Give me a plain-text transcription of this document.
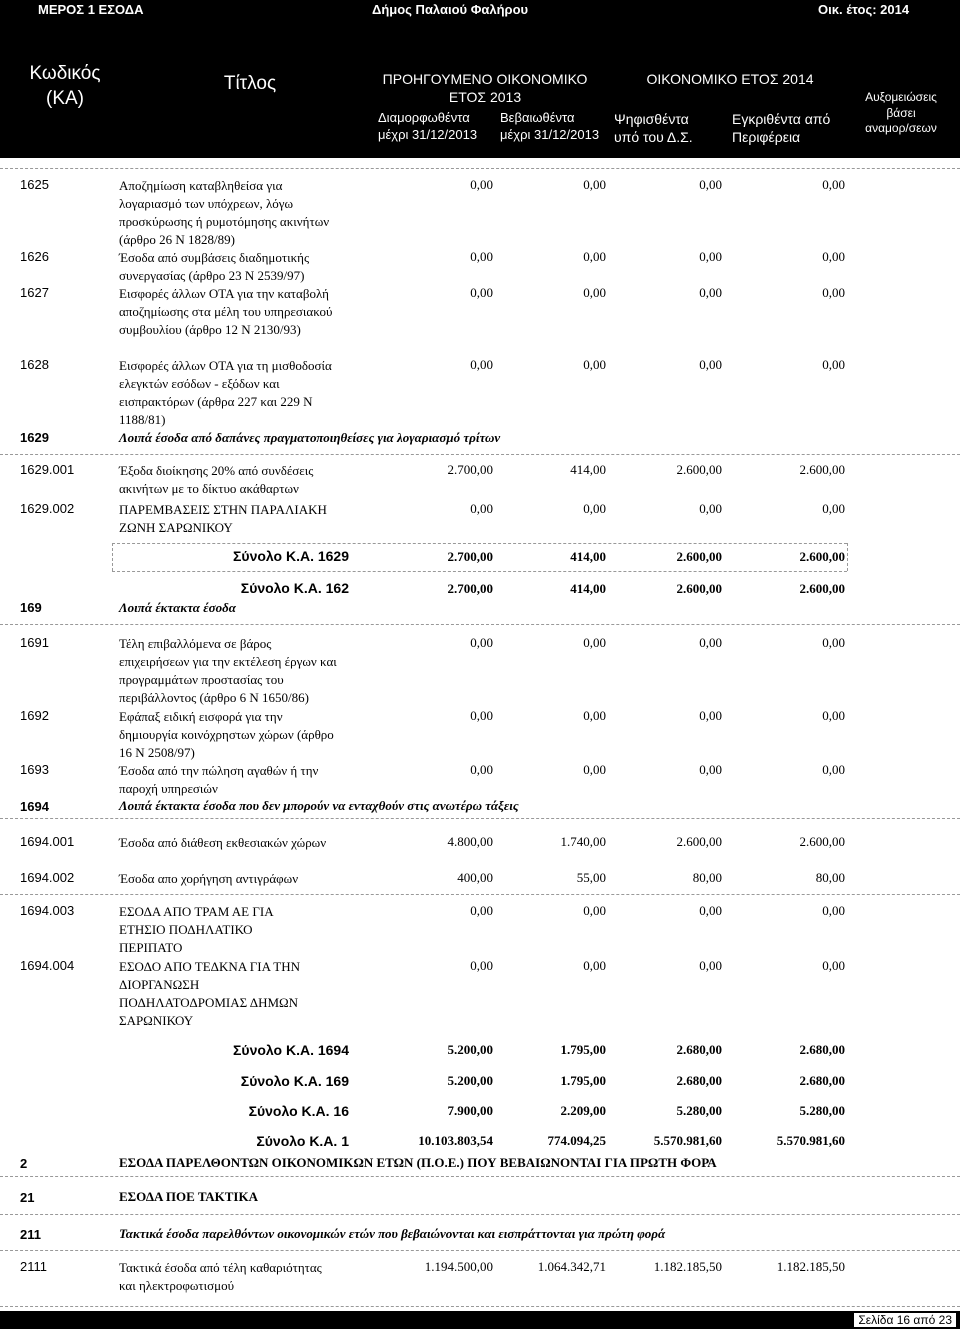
ΜΕΡΟΣ 1 ΕΣΟΔΑ	Δήμος Παλαιού Φαλήρου	Οικ. έτος: 2014
Κωδικός
(ΚΑ)
Τίτλος	ΠΡΟΗΓΟΥΜΕΝΟ ΟΙΚΟΝΟΜΙΚΟ
ΕΤΟΣ 2013
Διαμορφωθέντα
μέχρι 31/12/2013
Βεβαιωθέντα
μέχρι 31/12/2013
ΟΙΚΟΝΟΜΙΚΟ ΕΤΟΣ 2014
Ψηφισθέντα
υπό του Δ.Σ.
Εγκριθέντα από
Περιφέρεια
Αυξομειώσεις
βάσει
αναμορ/σεων
1625	Αποζημίωση καταβληθείσα για λογαριασμό των υπόχρεων, λόγω προσκύρωσης ή ρυμοτόμησης ακινήτων (άρθρο 26 Ν 1828/89)
0,00	0,00	0,00	0,00
1626	Έσοδα από συμβάσεις διαδημοτικής συνεργασίας (άρθρο 23 Ν 2539/97)
0,00	0,00	0,00	0,00
1627	Εισφορές άλλων ΟΤΑ για την καταβολή αποζημίωσης στα μέλη του υπηρεσιακού συμβουλίου (άρθρο 12 Ν 2130/93)
0,00	0,00	0,00	0,00
1628	Εισφορές άλλων ΟΤΑ για τη μισθοδοσία ελεγκτών εσόδων - εξόδων και εισπρακτόρων (άρθρα 227 και 229 Ν 1188/81)
0,00	0,00	0,00	0,00
1629	Λοιπά έσοδα από δαπάνες πραγματοποιηθείσες για λογαριασμό τρίτων
1629.001	Έξοδα διοίκησης 20% από συνδέσεις ακινήτων με το δίκτυο ακάθαρτων
2.700,00	414,00	2.600,00	2.600,00
1629.002	ΠΑΡΕΜΒΑΣΕΙΣ ΣΤΗΝ ΠΑΡΑΛΙΑΚΗ ΖΩΝΗ ΣΑΡΩΝΙΚΟΥ
0,00	0,00	0,00	0,00
Σύνολο Κ.Α. 1629	2.700,00	414,00	2.600,00	2.600,00
Σύνολο Κ.Α. 162	2.700,00	414,00	2.600,00	2.600,00
169	Λοιπά έκτακτα έσοδα
1691	Τέλη επιβαλλόμενα σε βάρος επιχειρήσεων για την εκτέλεση έργων και προγραμμάτων προστασίας του περιβάλλοντος (άρθρο 6 Ν 1650/86)
0,00	0,00	0,00	0,00
1692	Εφάπαξ ειδική εισφορά για την δημιουργία κοινόχρηστων χώρων (άρθρο 16 Ν 2508/97)
0,00	0,00	0,00	0,00
1693	Έσοδα από την πώληση αγαθών ή την παροχή υπηρεσιών
0,00	0,00	0,00	0,00
1694	Λοιπά έκτακτα έσοδα που δεν μπορούν να ενταχθούν στις ανωτέρω τάξεις
1694.001	Έσοδα από διάθεση εκθεσιακών χώρων	4.800,00	1.740,00	2.600,00	2.600,00
1694.002	Έσοδα απο χορήγηση αντιγράφων	400,00	55,00	80,00	80,00
1694.003	ΕΣΟΔΑ ΑΠΟ ΤΡΑΜ ΑΕ ΓΙΑ ΕΤΗΣΙΟ ΠΟΔΗΛΑΤΙΚΟ ΠΕΡΙΠΑΤΟ
0,00	0,00	0,00	0,00
1694.004	ΕΣΟΔΟ ΑΠΟ ΤΕΔΚΝΑ ΓΙΑ ΤΗΝ ΔΙΟΡΓΑΝΩΣΗ ΠΟΔΗΛΑΤΟΔΡΟΜΙΑΣ ΔΗΜΩΝ ΣΑΡΩΝΙΚΟΥ
0,00	0,00	0,00	0,00
Σύνολο Κ.Α. 1694	5.200,00	1.795,00	2.680,00	2.680,00
Σύνολο Κ.Α. 169	5.200,00	1.795,00	2.680,00	2.680,00
Σύνολο Κ.Α. 16	7.900,00	2.209,00	5.280,00	5.280,00
Σύνολο Κ.Α. 1	10.103.803,54	774.094,25	5.570.981,60	5.570.981,60
2	ΕΣΟΔΑ ΠΑΡΕΛΘΟΝΤΩΝ ΟΙΚΟΝΟΜΙΚΩΝ ΕΤΩΝ (Π.Ο.Ε.) ΠΟΥ ΒΕΒΑΙΩΝΟΝΤΑΙ ΓΙΑ ΠΡΩΤΗ ΦΟΡΑ
21	ΕΣΟΔΑ ΠΟΕ ΤΑΚΤΙΚΑ
211	Τακτικά έσοδα παρελθόντων οικονομικών ετών που βεβαιώνονται και εισπράττονται για πρώτη φορά
2111	Τακτικά έσοδα από τέλη καθαριότητας και ηλεκτροφωτισμού
1.194.500,00	1.064.342,71	1.182.185,50	1.182.185,50
Σελίδα 16 από 23
